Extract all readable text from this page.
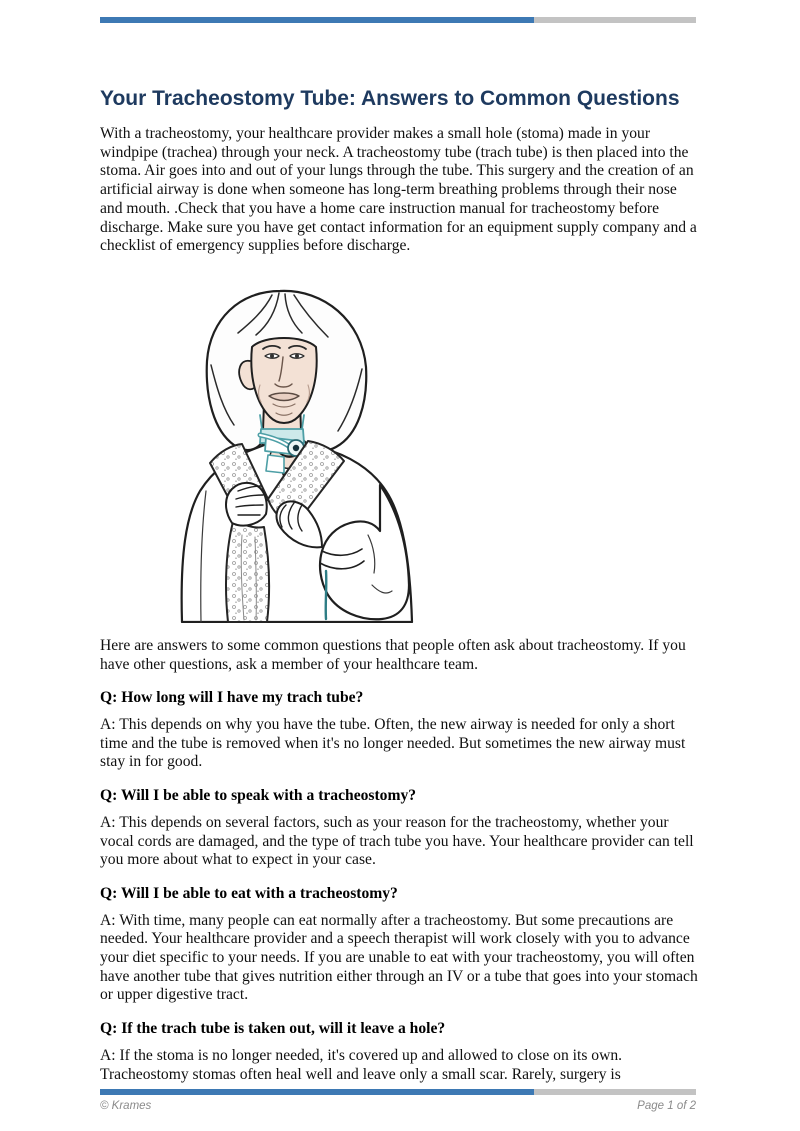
Your Tracheostomy Tube: Answers to Common Questions

With a tracheostomy, your healthcare provider makes a small hole (stoma) made in your windpipe (trachea) through your neck. A tracheostomy tube (trach tube) is then placed into the stoma. Air goes into and out of your lungs through the tube. This surgery and the creation of an artificial airway is done when someone has long-term breathing problems through their nose and mouth. .Check that you have a home care instruction manual for tracheostomy before discharge. Make sure you have get contact information for an equipment supply company and a checklist of emergency supplies before discharge.

Here are answers to some common questions that people often ask about tracheostomy. If you have other questions, ask a member of your healthcare team.

Q: How long will I have my trach tube?

A: This depends on why you have the tube. Often, the new airway is needed for only a short time and the tube is removed when it's no longer needed. But sometimes the new airway must stay in for good.

Q: Will I be able to speak with a tracheostomy?

A: This depends on several factors, such as your reason for the tracheostomy, whether your vocal cords are damaged, and the type of trach tube you have. Your healthcare provider can tell you more about what to expect in your case.

Q: Will I be able to eat with a tracheostomy?

A: With time, many people can eat normally after a tracheostomy. But some precautions are needed. Your healthcare provider and a speech therapist will work closely with you to advance your diet specific to your needs. If you are unable to eat with your tracheostomy, you will often have another tube that gives nutrition either through an IV or a tube that goes into your stomach or upper digestive tract.

Q: If the trach tube is taken out, will it leave a hole?

A: If the stoma is no longer needed, it's covered up and allowed to close on its own. Tracheostomy stomas often heal well and leave only a small scar. Rarely, surgery is

© Krames	Page 1 of 2
